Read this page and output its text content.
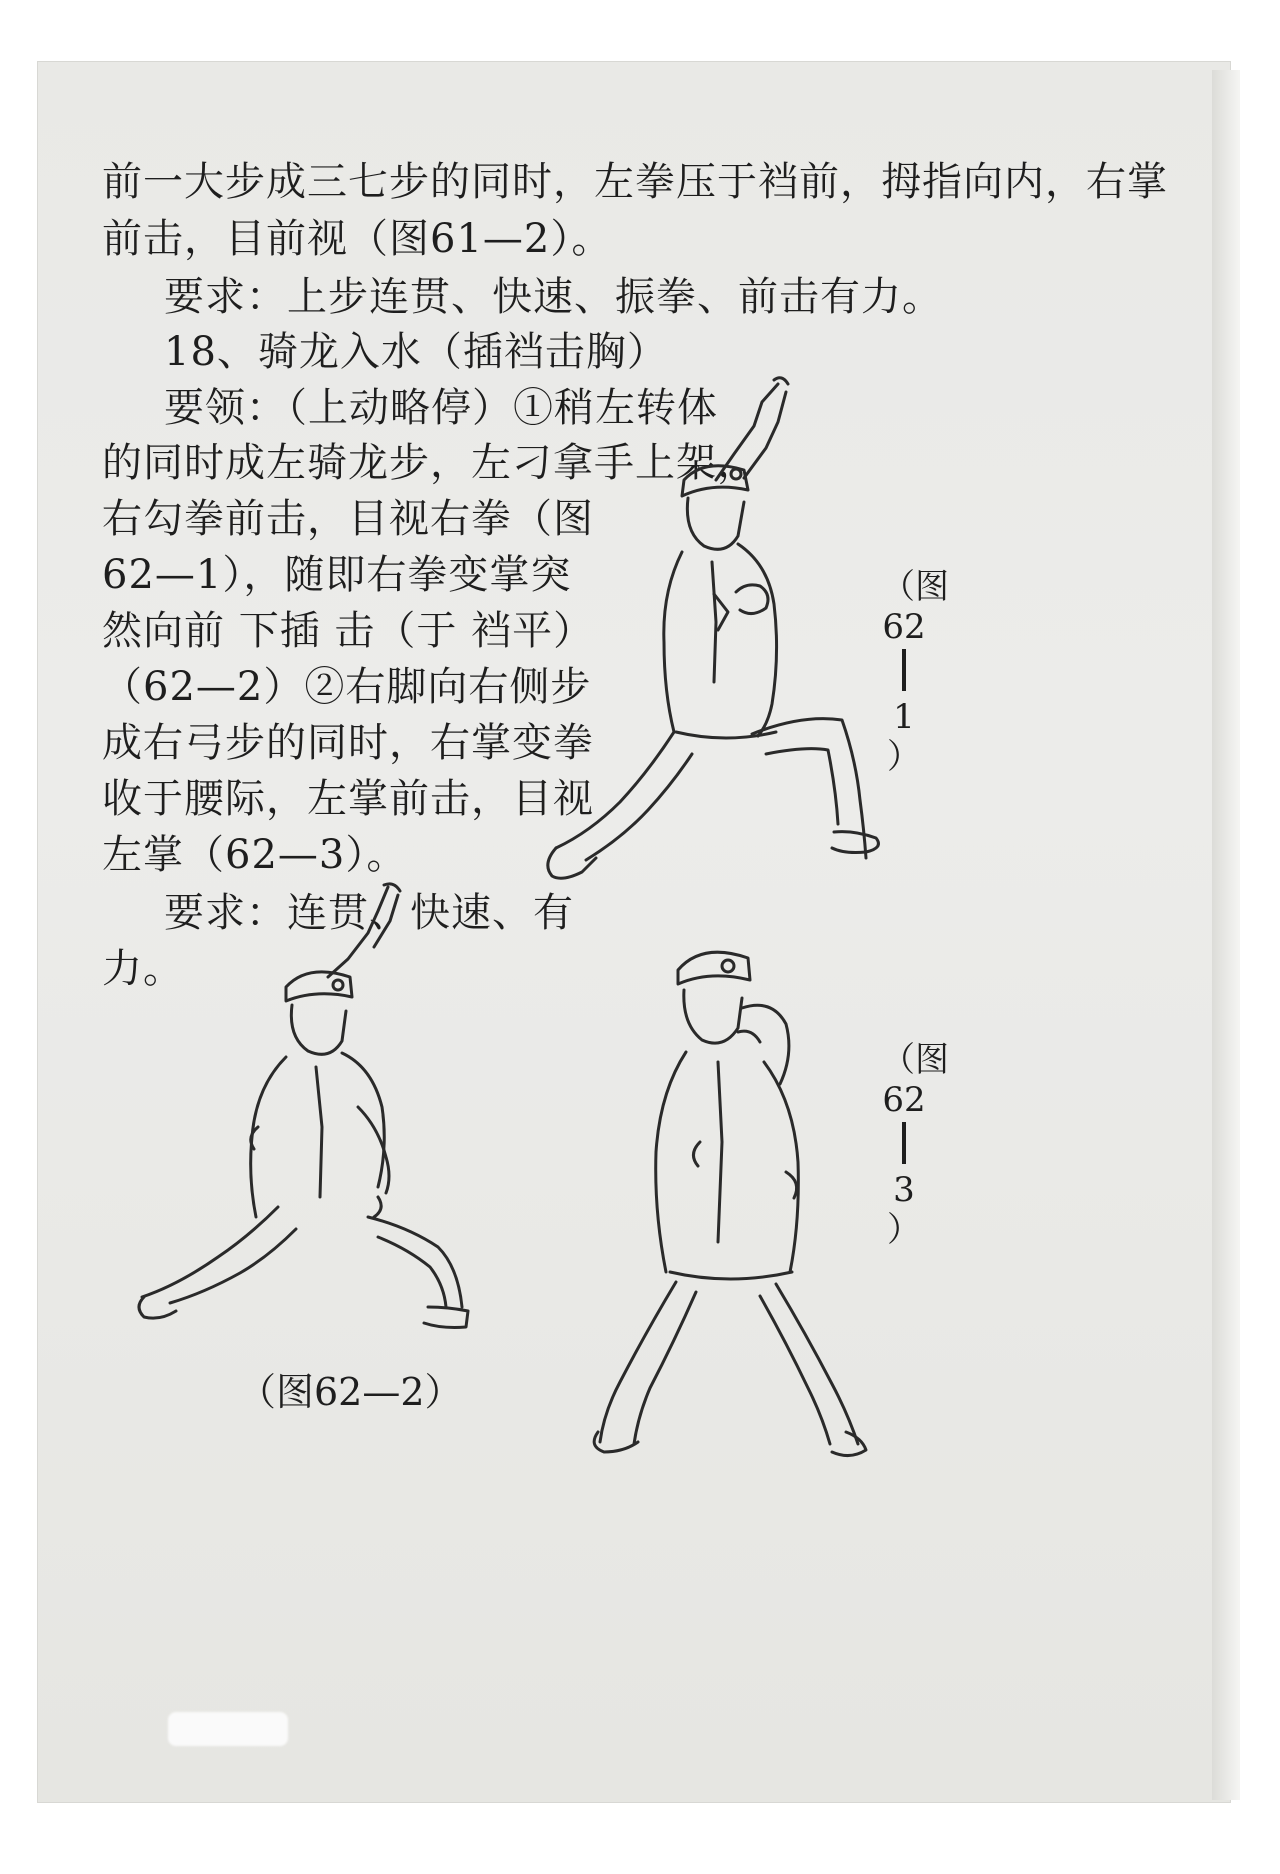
前一大步成三七步的同时，左拳压于裆前，拇指向内，右掌
前击，目前视（图61—2）。
要求：上步连贯、快速、振拳、前击有力。
18、骑龙入水（插裆击胸）
要领：（上动略停）①稍左转体
的同时成左骑龙步，左刁拿手上架，
右勾拳前击，目视右拳（图
62—1），随即右拳变掌突
然向前 下插 击（于 裆平）
（62—2）②右脚向右侧步
成右弓步的同时，右掌变拳
收于腰际，左掌前击，目视
左掌（62—3）。
要求：连贯、快速、有
力。
（图 62
1
）
（图62—2）
（图 62
3
）
